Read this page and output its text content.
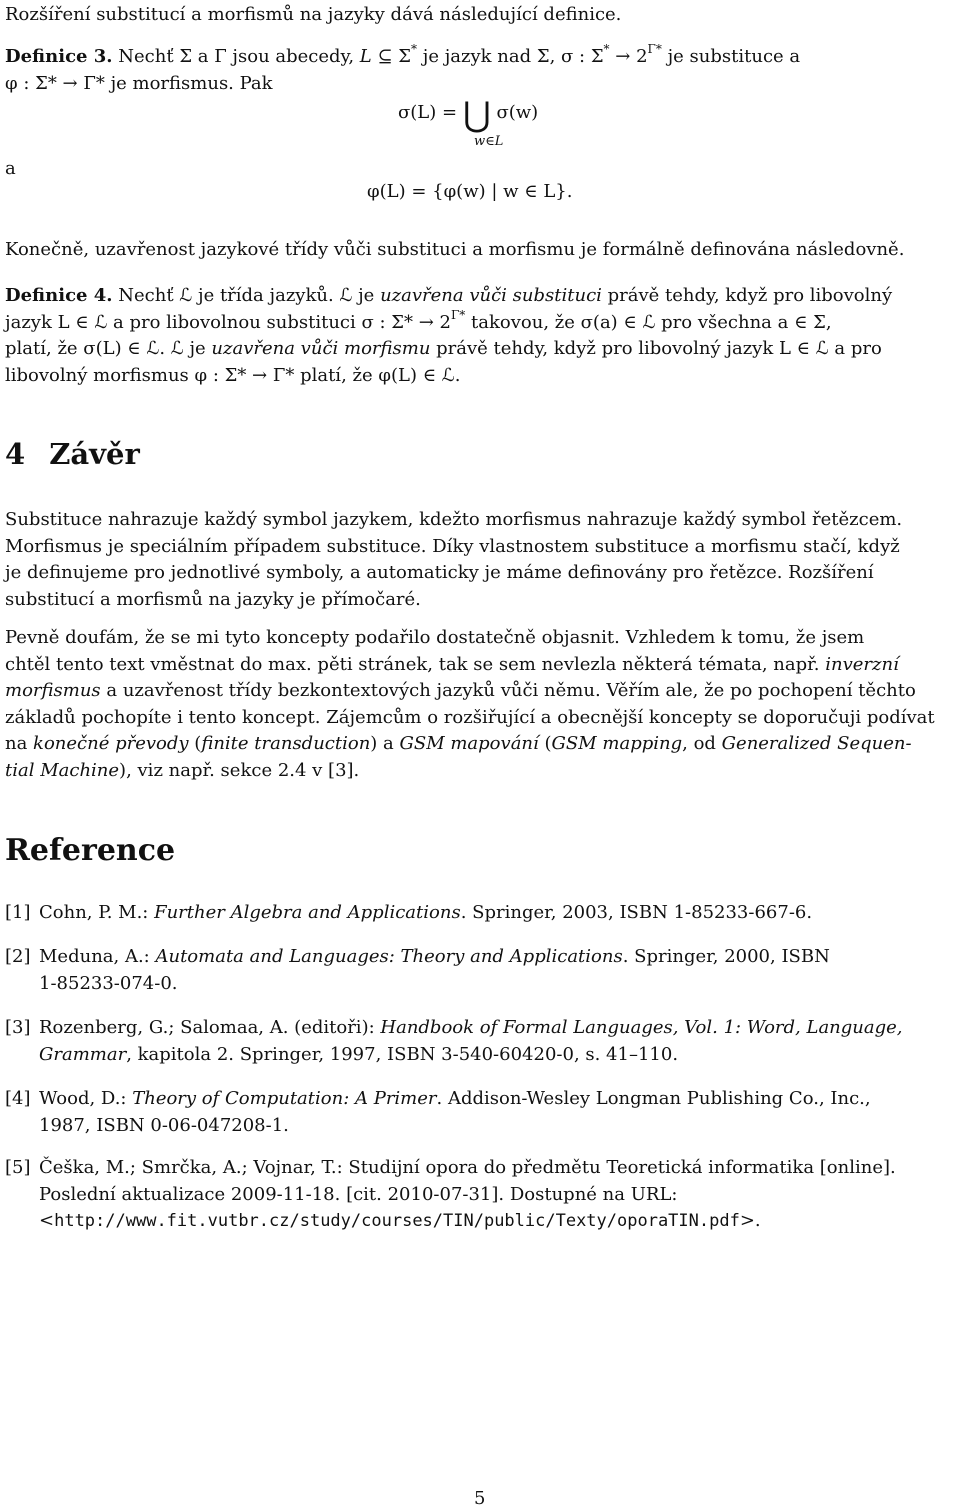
Rozšíření substitucí a morfismů na jazyky dává následující definice.

Definice 3. Nechť Σ a Γ jsou abecedy, L ⊆ Σ* je jazyk nad Σ, σ : $\Sigma^* \to 2^{\Gamma*}$ je substituce a
φ : Σ* → Γ* je morfismus. Pak
σ(L) = ⋃ σ(w)
w∈L
a
φ(L) = {φ(w) | w ∈ L}.

Konečně, uzavřenost jazykové třídy vůči substituci a morfismu je formálně definována následovně.

Definice 4. Nechť ℒ je třída jazyků. ℒ je uzavřena vůči substituci právě tehdy, když pro libovolný
jazyk L ∈ ℒ a pro libovolnou substituci σ : $\Sigma* \to 2^{\Gamma*}$ takovou, že σ(a) ∈ ℒ pro všechna a ∈ Σ,
platí, že σ(L) ∈ ℒ. ℒ je uzavřena vůči morfismu právě tehdy, když pro libovolný jazyk L ∈ ℒ a pro
libovolný morfismus φ : Σ* → Γ* platí, že φ(L) ∈ ℒ.
4 Závěr
Substituce nahrazuje každý symbol jazykem, kdežto morfismus nahrazuje každý symbol řetězcem.
Morfismus je speciálním případem substituce. Díky vlastnostem substituce a morfismu stačí, když
je definujeme pro jednotlivé symboly, a automaticky je máme definovány pro řetězce. Rozšíření
substitucí a morfismů na jazyky je přímočaré.
Pevně doufám, že se mi tyto koncepty podařilo dostatečně objasnit. Vzhledem k tomu, že jsem
chtěl tento text vměstnat do max. pěti stránek, tak se sem nevlezla některá témata, např. inverzní
morfismus a uzavřenost třídy bezkontextových jazyků vůči němu. Věřím ale, že po pochopení těchto
základů pochopíte i tento koncept. Zájemcům o rozšiřující a obecnější koncepty se doporučuji podívat
na konečné převody (finite transduction) a GSM mapování (GSM mapping, od Generalized Sequen-
tial Machine), viz např. sekce 2.4 v [3].
Reference
[1] Cohn, P. M.: Further Algebra and Applications. Springer, 2003, ISBN 1-85233-667-6.
[2] Meduna, A.: Automata and Languages: Theory and Applications. Springer, 2000, ISBN
1-85233-074-0.
[3] Rozenberg, G.; Salomaa, A. (editoři): Handbook of Formal Languages, Vol. 1: Word, Language,
Grammar, kapitola 2. Springer, 1997, ISBN 3-540-60420-0, s. 41–110.
[4] Wood, D.: Theory of Computation: A Primer. Addison-Wesley Longman Publishing Co., Inc.,
1987, ISBN 0-06-047208-1.
[5] Češka, M.; Smrčka, A.; Vojnar, T.: Studijní opora do předmětu Teoretická informatika [online].
Poslední aktualizace 2009-11-18. [cit. 2010-07-31]. Dostupné na URL:
<http://www.fit.vutbr.cz/study/courses/TIN/public/Texty/oporaTIN.pdf>.
5
